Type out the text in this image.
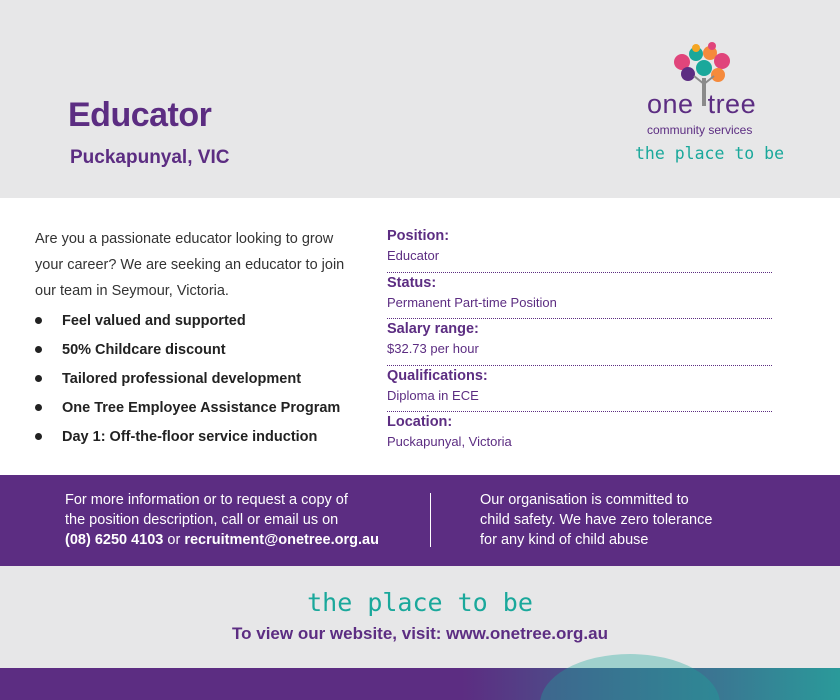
Educator
Puckapunyal, VIC
one tree
community services
the place to be

Are you a passionate educator looking to grow your career? We are seeking an educator to join our team in Seymour, Victoria.

Feel valued and supported
50% Childcare discount
Tailored professional development
One Tree Employee Assistance Program
Day 1: Off-the-floor service induction
Position:
Educator
Status:
Permanent Part-time Position
Salary range:
$32.73 per hour
Qualifications:
Diploma in ECE
Location:
Puckapunyal, Victoria
For more information or to request a copy of
the position description, call or email us on
(08) 6250 4103 or recruitment@onetree.org.au
Our organisation is committed to
child safety. We have zero tolerance
for any kind of child abuse
the place to be
To view our website, visit: www.onetree.org.au
